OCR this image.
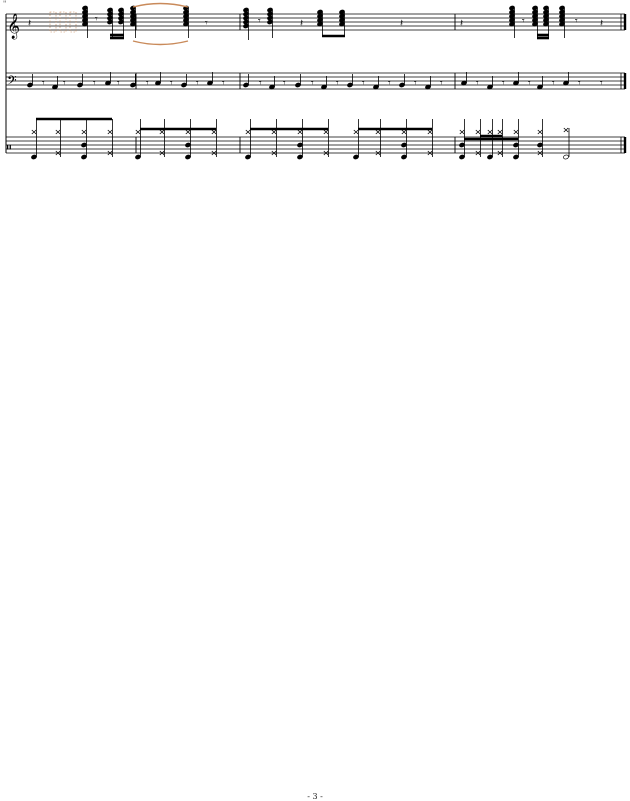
"
𝄞
𝄢
𝄥
𝄽	𝄾	𝄾	𝄾	𝄽	𝄽	𝄽	𝄾	𝄾 𝄽
𝄾 𝄾	𝄾 𝄾	𝄾 𝄾 𝄾 𝄾	𝄾 𝄾	𝄾 𝄾 𝄾 𝄾 𝄾 𝄾	𝄾 𝄾 𝄾 𝄾 𝄾 𝄾
- 3 -
